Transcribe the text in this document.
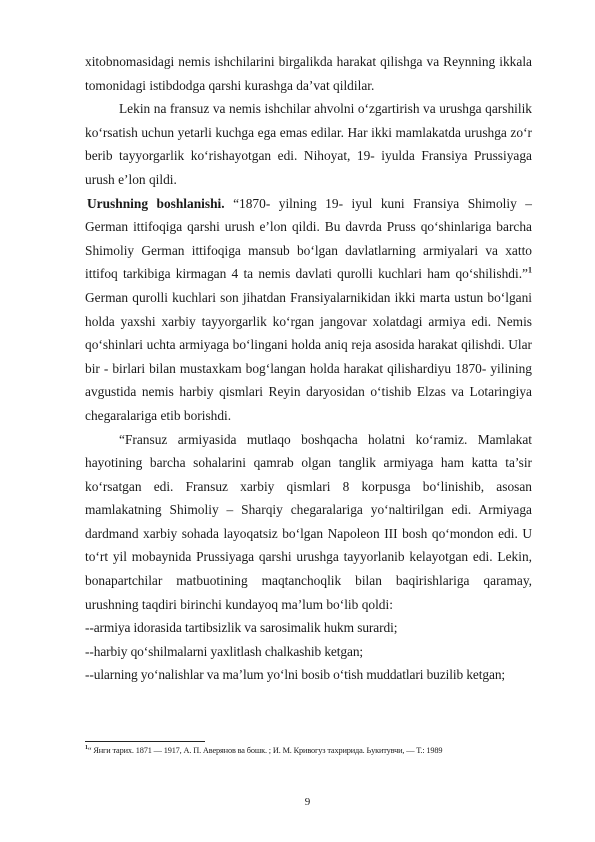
xitobnomasidagi nemis ishchilarini birgalikda harakat qilishga va Reynning ikkala tomonidagi istibdodga qarshi kurashga da’vat qildilar.

Lekin na fransuz va nemis ishchilar ahvolni o‘zgartirish va urushga qarshilik ko‘rsatish uchun yetarli kuchga ega emas edilar. Har ikki mamlakatda urushga zo‘r berib tayyorgarlik ko‘rishayotgan edi. Nihoyat, 19- iyulda Fransiya Prussiyaga urush e’lon qildi.

Urushning boshlanishi. “1870- yilning 19- iyul kuni Fransiya Shimoliy – German ittifoqiga qarshi urush e’lon qildi. Bu davrda Pruss qo‘shinlariga barcha Shimoliy German ittifoqiga mansub bo‘lgan davlatlarning armiyalari va xatto ittifoq tarkibiga kirmagan 4 ta nemis davlati qurolli kuchlari ham qo‘shilishdi.”$^1$ German qurolli kuchlari son jihatdan Fransiyalarnikidan ikki marta ustun bo‘lgani holda yaxshi xarbiy tayyorgarlik ko‘rgan jangovar xolatdagi armiya edi. Nemis qo‘shinlari uchta armiyaga bo‘lingani holda aniq reja asosida harakat qilishdi. Ular bir - birlari bilan mustaxkam bog‘langan holda harakat qilishardiyu 1870- yilining avgustida nemis harbiy qismlari Reyin daryosidan o‘tishib Elzas va Lotaringiya chegaralariga etib borishdi.

“Fransuz armiyasida mutlaqo boshqacha holatni ko‘ramiz. Mamlakat hayotining barcha sohalarini qamrab olgan tanglik armiyaga ham katta ta’sir ko‘rsatgan edi. Fransuz xarbiy qismlari 8 korpusga bo‘linishib, asosan mamlakatning Shimoliy – Sharqiy chegaralariga yo‘naltirilgan edi. Armiyaga dardmand xarbiy sohada layoqatsiz bo‘lgan Napoleon III bosh qo‘mondon edi. U to‘rt yil mobaynida Prussiyaga qarshi urushga tayyorlanib kelayotgan edi. Lekin, bonapartchilar matbuotining maqtanchoqlik bilan baqirishlariga qaramay, urushning taqdiri birinchi kundayoq ma’lum bo‘lib qoldi:

--armiya idorasida tartibsizlik va sarosimalik hukm surardi;

--harbiy qo‘shilmalarni yaxlitlash chalkashib ketgan;

--ularning yo‘nalishlar va ma’lum yo‘lni bosib o‘tish muddatlari buzilib ketgan;

$^1$“ Янги тарих. 1871 — 1917, А. П. Аверянов ва бошк. ; И. М. Кривогуз тахририда. Ьукитувчи, — Т.: 1989
9
